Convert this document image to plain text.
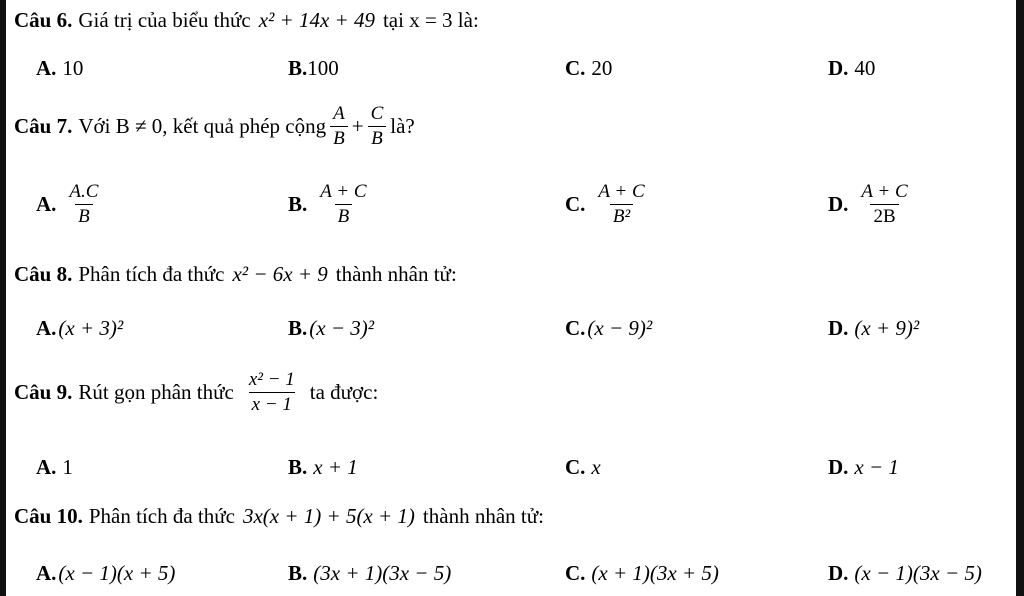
Câu 6. Giá trị của biểu thức x² + 14x + 49 tại x = 3 là:
A. 10	B. 100	C. 20	D. 40
Câu 7. Với B ≠ 0, kết quả phép cộng $\frac{A}{B} + \frac{C}{B}$ là?
A. $\frac{A.C}{B}$	B. $\frac{A + C}{B}$	C. $\frac{A + C}{\text{B²}}$	D. $\frac{A + C}{2B}$
Câu 8. Phân tích đa thức x² − 6x + 9 thành nhân tử:
A. (x + 3)²	B. (x − 3)²	C. (x − 9)²	D. (x + 9)²
Câu 9. Rút gọn phân thức $\frac{\text{x² − 1}}{x - 1}$ ta được:
A. 1	B. x + 1	C. x	D. x − 1
Câu 10. Phân tích đa thức 3x(x + 1) + 5(x + 1) thành nhân tử:
A. (x − 1)(x + 5)	B. (3x + 1)(3x − 5)	C. (x + 1)(3x + 5)	D. (x − 1)(3x − 5)
